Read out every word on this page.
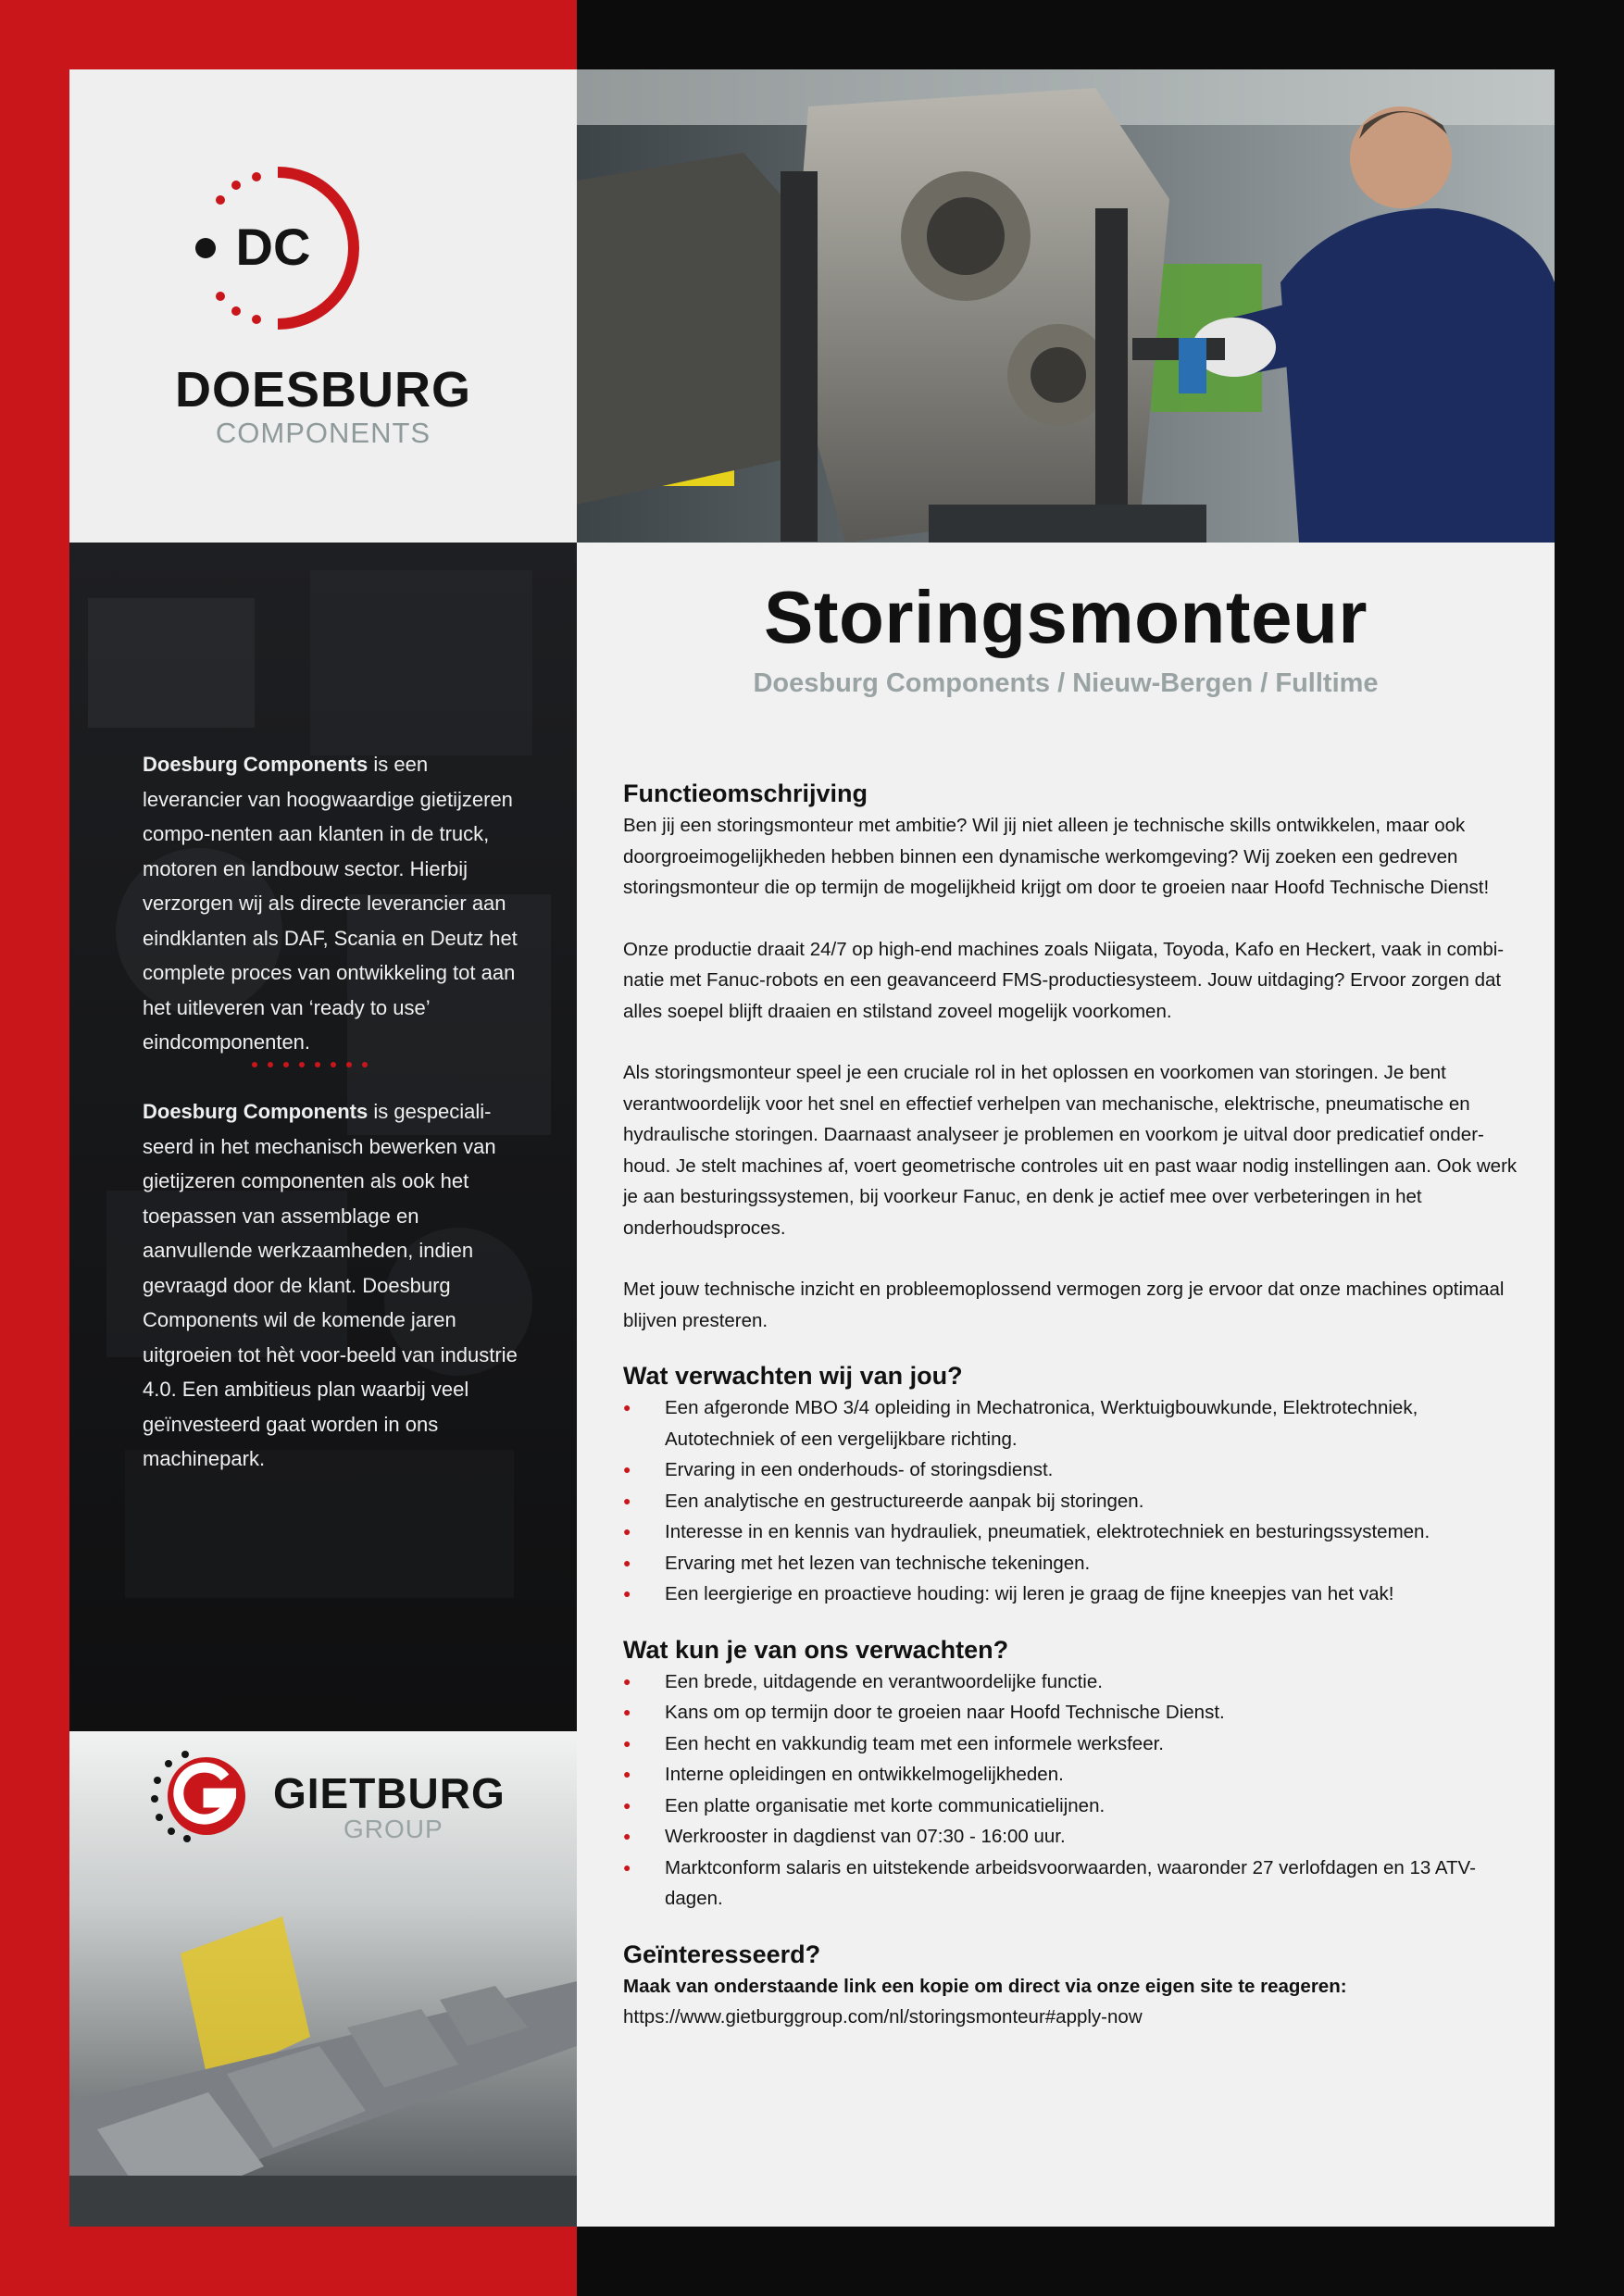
DC
DOESBURG
COMPONENTS

Doesburg Components is een leverancier van hoogwaardige gietijzeren compo-nenten aan klanten in de truck, motoren en landbouw sector. Hierbij verzorgen wij als directe leverancier aan eindklanten als DAF, Scania en Deutz het complete proces van ontwikkeling tot aan het uitleveren van ‘ready to use’ eindcomponenten.

Doesburg Components is gespeciali-seerd in het mechanisch bewerken van gietijzeren componenten als ook het toepassen van assemblage en aanvullende werkzaamheden, indien gevraagd door de klant. Doesburg Components wil de komende jaren uitgroeien tot hèt voor-beeld van industrie 4.0. Een ambitieus plan waarbij veel geïnvesteerd gaat worden in ons machinepark.

GIETBURG
GROUP
Storingsmonteur
Doesburg Components / Nieuw-Bergen / Fulltime
Functieomschrijving
Ben jij een storingsmonteur met ambitie? Wil jij niet alleen je technische skills ontwikkelen, maar ook doorgroeimogelijkheden hebben binnen een dynamische werkomgeving? Wij zoeken een gedreven storingsmonteur die op termijn de mogelijkheid krijgt om door te groeien naar Hoofd Technische Dienst!
Onze productie draait 24/7 op high-end machines zoals Niigata, Toyoda, Kafo en Heckert, vaak in combi-natie met Fanuc-robots en een geavanceerd FMS-productiesysteem. Jouw uitdaging? Ervoor zorgen dat alles soepel blijft draaien en stilstand zoveel mogelijk voorkomen.
Als storingsmonteur speel je een cruciale rol in het oplossen en voorkomen van storingen. Je bent verantwoordelijk voor het snel en effectief verhelpen van mechanische, elektrische, pneumatische en hydraulische storingen. Daarnaast analyseer je problemen en voorkom je uitval door predicatief onder-houd. Je stelt machines af, voert geometrische controles uit en past waar nodig instellingen aan. Ook werk je aan besturingssystemen, bij voorkeur Fanuc, en denk je actief mee over verbeteringen in het onderhoudsproces.
Met jouw technische inzicht en probleemoplossend vermogen zorg je ervoor dat onze machines optimaal blijven presteren.
Wat verwachten wij van jou?
● Een afgeronde MBO 3/4 opleiding in Mechatronica, Werktuigbouwkunde, Elektrotechniek, Autotechniek of een vergelijkbare richting.
● Ervaring in een onderhouds- of storingsdienst.
● Een analytische en gestructureerde aanpak bij storingen.
● Interesse in en kennis van hydrauliek, pneumatiek, elektrotechniek en besturingssystemen.
● Ervaring met het lezen van technische tekeningen.
● Een leergierige en proactieve houding: wij leren je graag de fijne kneepjes van het vak!
Wat kun je van ons verwachten?
● Een brede, uitdagende en verantwoordelijke functie.
● Kans om op termijn door te groeien naar Hoofd Technische Dienst.
● Een hecht en vakkundig team met een informele werksfeer.
● Interne opleidingen en ontwikkelmogelijkheden.
● Een platte organisatie met korte communicatielijnen.
● Werkrooster in dagdienst van 07:30 - 16:00 uur.
● Marktconform salaris en uitstekende arbeidsvoorwaarden, waaronder 27 verlofdagen en 13 ATV-dagen.
Geïnteresseerd?
Maak van onderstaande link een kopie om direct via onze eigen site te reageren:
https://www.gietburggroup.com/nl/storingsmonteur#apply-now
